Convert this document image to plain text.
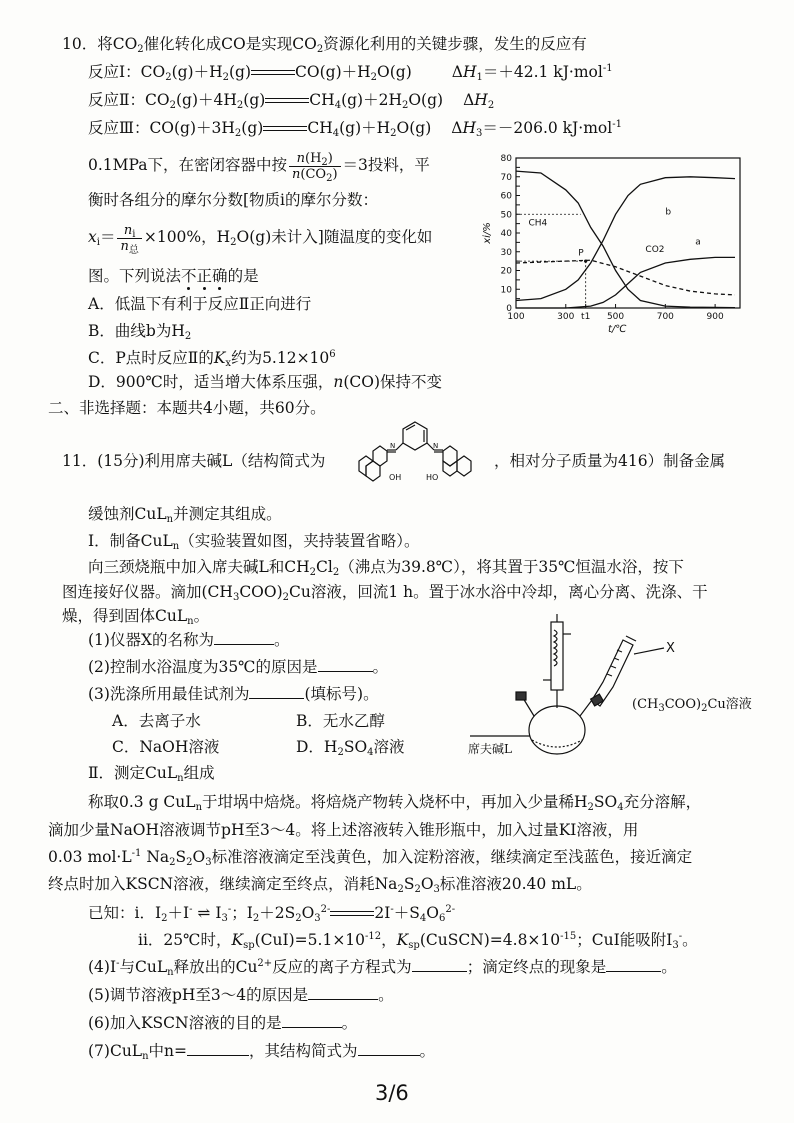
10．将$CO_2$催化转化成CO是实现$CO_2$资源化利用的关键步骤，发生的反应有
反应Ⅰ：$CO_2(g)+H_2(g)$	$CO(g)+H_2O(g)$	$\Delta H_1=+42.1$ kJ·mol$^{-1}$
反应Ⅱ：$CO_2(g)+4H_2(g)$	$CH_4(g)+2H_2O(g)$ $\Delta H_2$
反应Ⅲ：$CO(g)+3H_2(g)$	$CH_4(g)+H_2O(g)$ $\Delta H_3=-206.0$ kJ·mol$^{-1}$
0.1MPa下，在密闭容器中按 $\frac{n(H_2)}{n(CO_2)} =3$投料，平
衡时各组分的摩尔分数[物质i的摩尔分数：
$x_i= \frac{n_i}{n_总} \times 100\%$，$H_2O(g)$未计入]随温度的变化如
图。下列说法不正确的是
A．低温下有利于反应Ⅱ正向进行
B．曲线b为$H_2$
C．P点时反应Ⅱ的$K_x$约为$5.12\times 10^6$
D．900℃时，适当增大体系压强，n(CO)保持不变
0
10
20
30
40
50
60
70
80
100	300 t1 500	700	900
t/℃
xi/%
b
CH4
CO2
a
P
二、非选择题：本题共4小题，共60分。
11．(15分)利用席夫碱L（结构简式为
N	N
OH	HO
，相对分子质量为416）制备金属
缓蚀剂CuL$_n$并测定其组成。
Ⅰ．制备CuL$_n$（实验装置如图，夹持装置省略）。
向三颈烧瓶中加入席夫碱L和$CH_2Cl_2$（沸点为39.8℃），将其置于35℃恒温水浴，按下
图连接好仪器。滴加$(CH_3COO)_2Cu$溶液，回流1 h。置于冰水浴中冷却，离心分离、洗涤、干
燥，得到固体CuL$_n$。
(1)仪器X的名称为	。
(2)控制水浴温度为35℃的原因是	。
(3)洗涤所用最佳试剂为	(填标号)。
A．去离子水	B．无水乙醇
C．NaOH溶液	D．$H_2SO_4$溶液
X
$(CH_3COO)_2Cu$溶液
席夫碱L
Ⅱ．测定CuL$_n$组成
称取0.3 g CuL$_n$于坩埚中焙烧。将焙烧产物转入烧杯中，再加入少量稀$H_2SO_4$充分溶解，
滴加少量NaOH溶液调节pH至3～4。将上述溶液转入锥形瓶中，加入过量KI溶液，用
0.03 $mol\cdot L^{-1}$ $Na_2S_2O_3$标准溶液滴定至浅黄色，加入淀粉溶液，继续滴定至浅蓝色，接近滴定
终点时加入KSCN溶液，继续滴定至终点，消耗$Na_2S_2O_3$标准溶液20.40 mL。
已知：i．$I_2+I^-$ ⇌ $I_3^-$；$I_2+2S_2O_3^{2-}$	$2I^-+S_4O_6^{2-}$
ii．25℃时，$K_{sp}(CuI)=5.1\times 10^{-12}$，$K_{sp}(CuSCN)=4.8\times 10^{-15}$；CuI能吸附$I_3^-$。
(4)I-与CuL$_n$释放出的$Cu^{2+}$反应的离子方程式为	；滴定终点的现象是	。
(5)调节溶液pH至3～4的原因是	。
(6)加入KSCN溶液的目的是	。
(7)CuL$_n$中n=	，其结构简式为	。
3/6
